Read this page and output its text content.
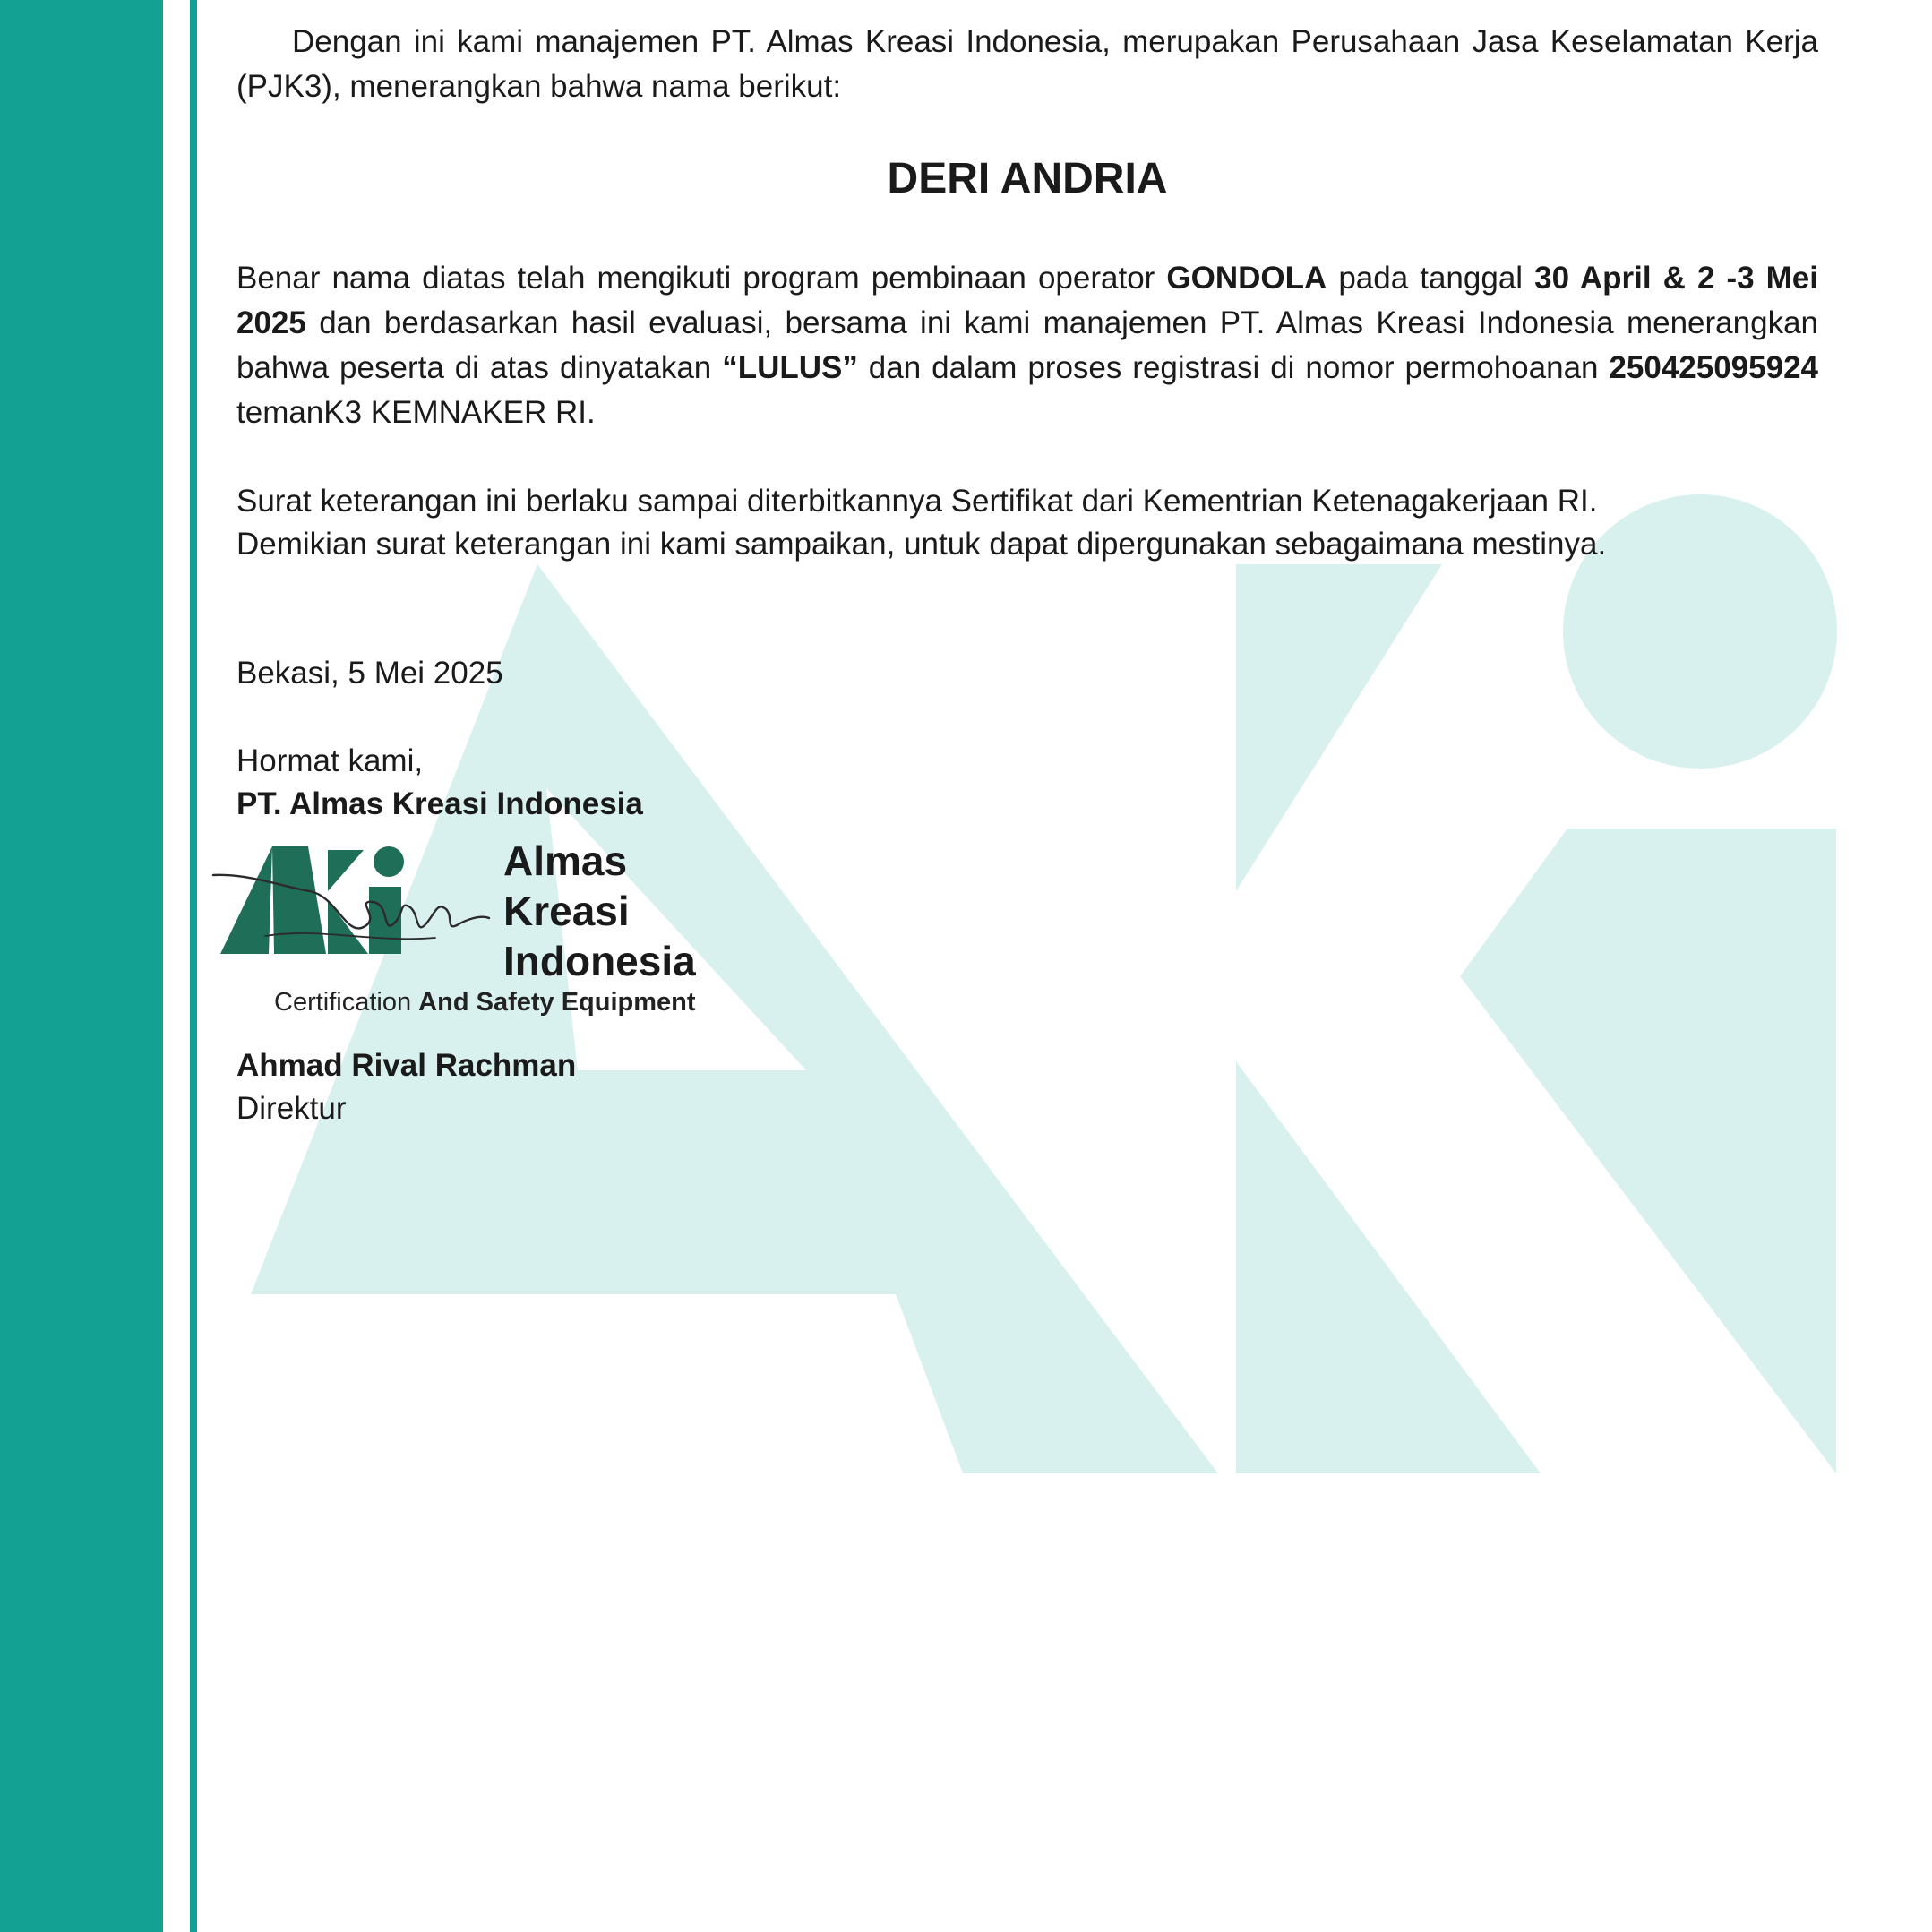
Dengan ini kami manajemen PT. Almas Kreasi Indonesia, merupakan Perusahaan Jasa Keselamatan Kerja (PJK3), menerangkan bahwa nama berikut:

DERI ANDRIA

Benar nama diatas telah mengikuti program pembinaan operator GONDOLA pada tanggal 30 April & 2 -3 Mei 2025 dan berdasarkan hasil evaluasi, bersama ini kami manajemen PT. Almas Kreasi Indonesia menerangkan bahwa peserta di atas dinyatakan “LULUS” dan dalam proses registrasi di nomor permohoanan 250425095924 temanK3 KEMNAKER RI.

Surat keterangan ini berlaku sampai diterbitkannya Sertifikat dari Kementrian Ketenagakerjaan RI.

Demikian surat keterangan ini kami sampaikan, untuk dapat dipergunakan sebagaimana mestinya.

Bekasi, 5 Mei 2025

Hormat kami,

PT. Almas Kreasi Indonesia

Ahmad Rival Rachman

Direktur

Almas
Kreasi
Indonesia
Certification And Safety Equipment
